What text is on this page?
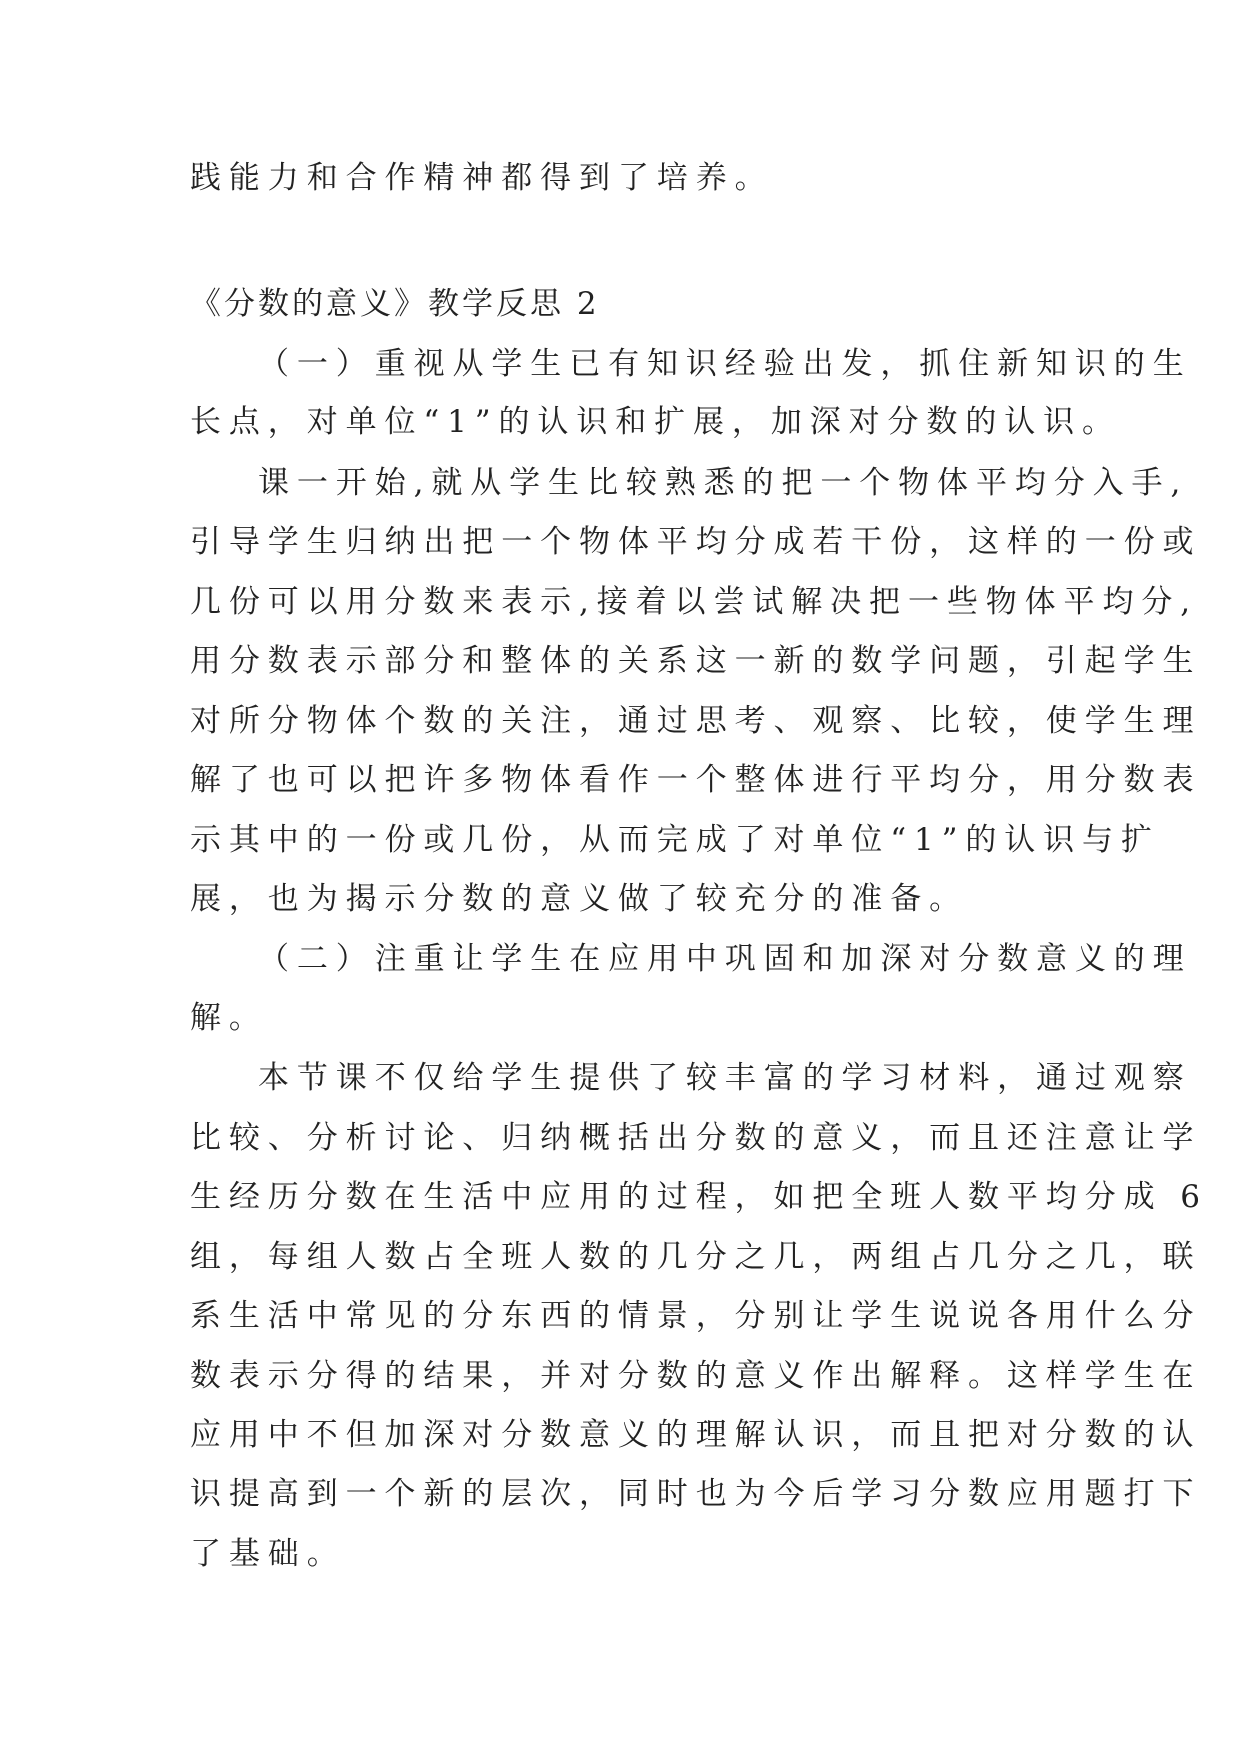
践能力和合作精神都得到了培养。
《分数的意义》教学反思 2
（一）重视从学生已有知识经验出发，抓住新知识的生
长点，对单位“1”的认识和扩展，加深对分数的认识。
课一开始,就从学生比较熟悉的把一个物体平均分入手,
引导学生归纳出把一个物体平均分成若干份，这样的一份或
几份可以用分数来表示,接着以尝试解决把一些物体平均分,
用分数表示部分和整体的关系这一新的数学问题，引起学生
对所分物体个数的关注，通过思考、观察、比较，使学生理
解了也可以把许多物体看作一个整体进行平均分，用分数表
示其中的一份或几份，从而完成了对单位“1”的认识与扩
展，也为揭示分数的意义做了较充分的准备。
（二）注重让学生在应用中巩固和加深对分数意义的理
解。
本节课不仅给学生提供了较丰富的学习材料，通过观察
比较、分析讨论、归纳概括出分数的意义，而且还注意让学
生经历分数在生活中应用的过程，如把全班人数平均分成 6
组，每组人数占全班人数的几分之几，两组占几分之几，联
系生活中常见的分东西的情景，分别让学生说说各用什么分
数表示分得的结果，并对分数的意义作出解释。这样学生在
应用中不但加深对分数意义的理解认识，而且把对分数的认
识提高到一个新的层次，同时也为今后学习分数应用题打下
了基础。
